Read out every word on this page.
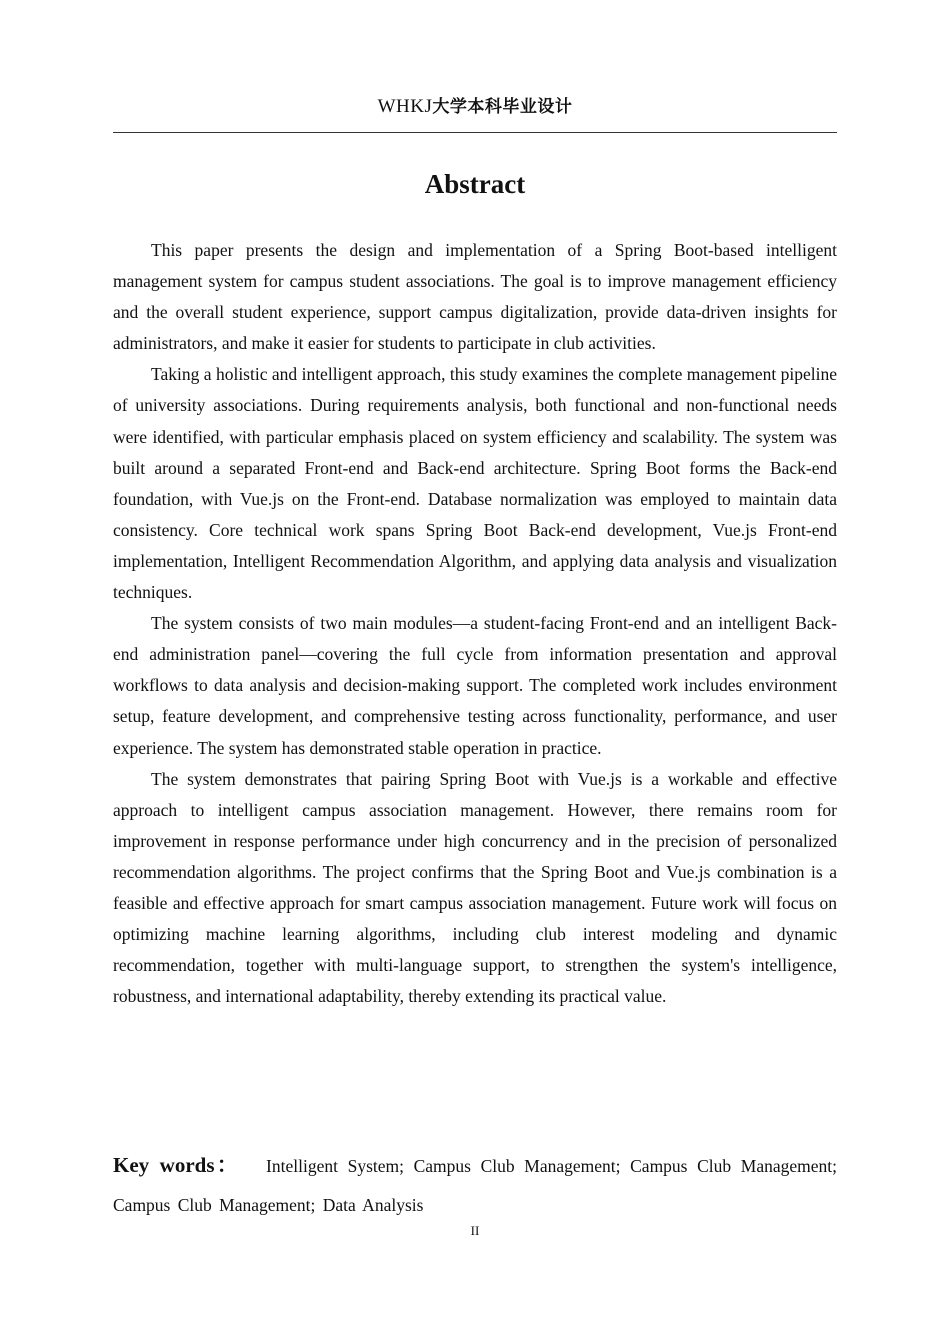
WHKJ大学本科毕业设计
Abstract

This paper presents the design and implementation of a Spring Boot-based intelligent management system for campus student associations. The goal is to improve management efficiency and the overall student experience, support campus digitalization, provide data-driven insights for administrators, and make it easier for students to participate in club activities.

Taking a holistic and intelligent approach, this study examines the complete management pipeline of university associations. During requirements analysis, both functional and non-functional needs were identified, with particular emphasis placed on system efficiency and scalability. The system was built around a separated Front-end and Back-end architecture. Spring Boot forms the Back-end foundation, with Vue.js on the Front-end. Database normalization was employed to maintain data consistency. Core technical work spans Spring Boot Back-end development, Vue.js Front-end implementation, Intelligent Recommendation Algorithm, and applying data analysis and visualization techniques.

The system consists of two main modules—a student-facing Front-end and an intelligent Back-end administration panel—covering the full cycle from information presentation and approval workflows to data analysis and decision-making support. The completed work includes environment setup, feature development, and comprehensive testing across functionality, performance, and user experience. The system has demonstrated stable operation in practice.

The system demonstrates that pairing Spring Boot with Vue.js is a workable and effective approach to intelligent campus association management. However, there remains room for improvement in response performance under high concurrency and in the precision of personalized recommendation algorithms. The project confirms that the Spring Boot and Vue.js combination is a feasible and effective approach for smart campus association management. Future work will focus on optimizing machine learning algorithms, including club interest modeling and dynamic recommendation, together with multi-language support, to strengthen the system's intelligence, robustness, and international adaptability, thereby extending its practical value.

Key words： Intelligent System; Campus Club Management; Campus Club Management; Campus Club Management; Data Analysis
II
